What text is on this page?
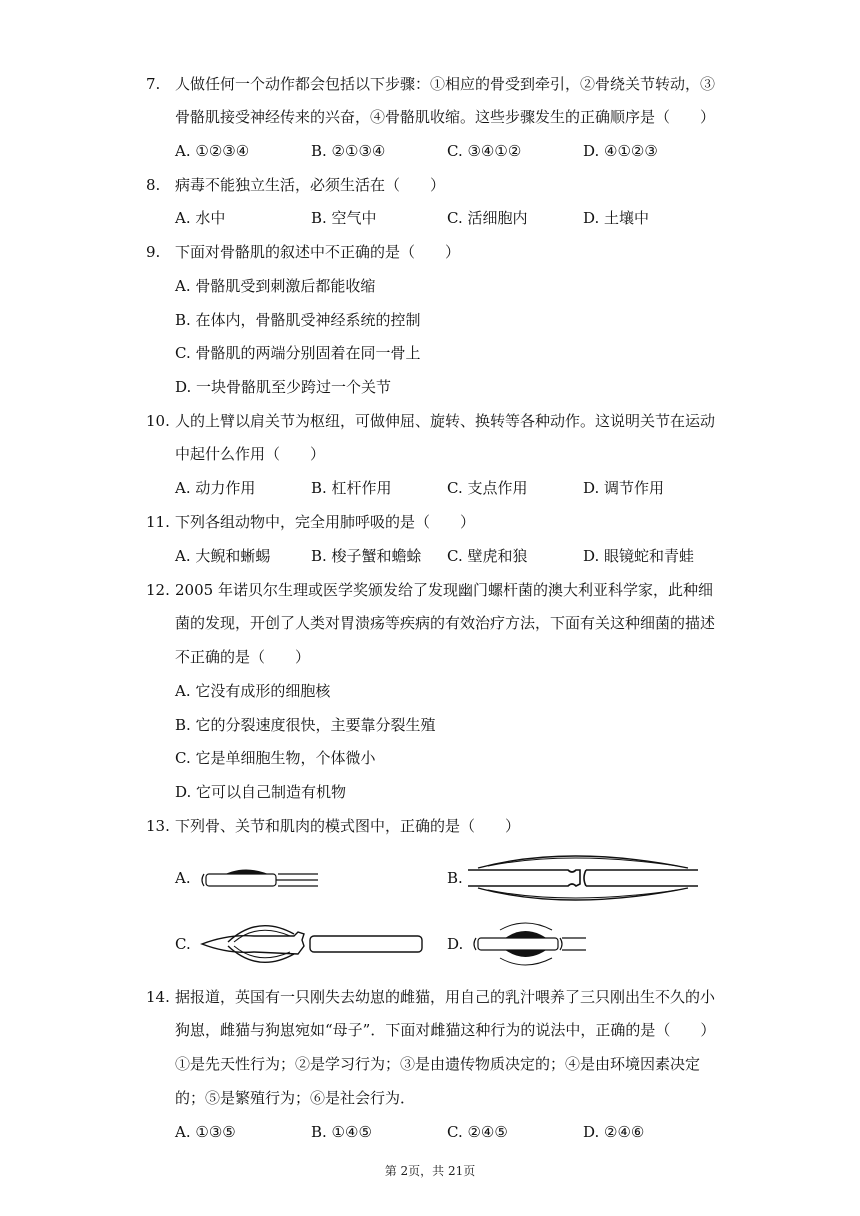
7. 人做任何一个动作都会包括以下步骤：①相应的骨受到牵引，②骨绕关节转动，③
骨骼肌接受神经传来的兴奋，④骨骼肌收缩。这些步骤发生的正确顺序是（　　）
A. ①②③④	B. ②①③④	C. ③④①②	D. ④①②③
8. 病毒不能独立生活，必须生活在（　　）
A. 水中	B. 空气中	C. 活细胞内	D. 土壤中
9. 下面对骨骼肌的叙述中不正确的是（　　）
A. 骨骼肌受到刺激后都能收缩
B. 在体内，骨骼肌受神经系统的控制
C. 骨骼肌的两端分别固着在同一骨上
D. 一块骨骼肌至少跨过一个关节
10. 人的上臂以肩关节为枢纽，可做伸屈、旋转、换转等各种动作。这说明关节在运动
中起什么作用（　　）
A. 动力作用	B. 杠杆作用	C. 支点作用	D. 调节作用
11. 下列各组动物中，完全用肺呼吸的是（　　）
A. 大鲵和蜥蜴	B. 梭子蟹和蟾蜍 C. 壁虎和狼	D. 眼镜蛇和青蛙
12. 2005 年诺贝尔生理或医学奖颁发给了发现幽门螺杆菌的澳大利亚科学家，此种细
菌的发现，开创了人类对胃溃疡等疾病的有效治疗方法，下面有关这种细菌的描述
不正确的是（　　）
A. 它没有成形的细胞核
B. 它的分裂速度很快，主要靠分裂生殖
C. 它是单细胞生物，个体微小
D. 它可以自己制造有机物
13. 下列骨、关节和肌肉的模式图中，正确的是（　　）
A.	B.
C.	D.
14. 据报道，英国有一只刚失去幼崽的雌猫，用自己的乳汁喂养了三只刚出生不久的小
狗崽，雌猫与狗崽宛如“母子”．下面对雌猫这种行为的说法中，正确的是（　　）
①是先天性行为；②是学习行为；③是由遗传物质决定的；④是由环境因素决定
的；⑤是繁殖行为；⑥是社会行为．
A. ①③⑤	B. ①④⑤	C. ②④⑤	D. ②④⑥
第 2页，共 21页
